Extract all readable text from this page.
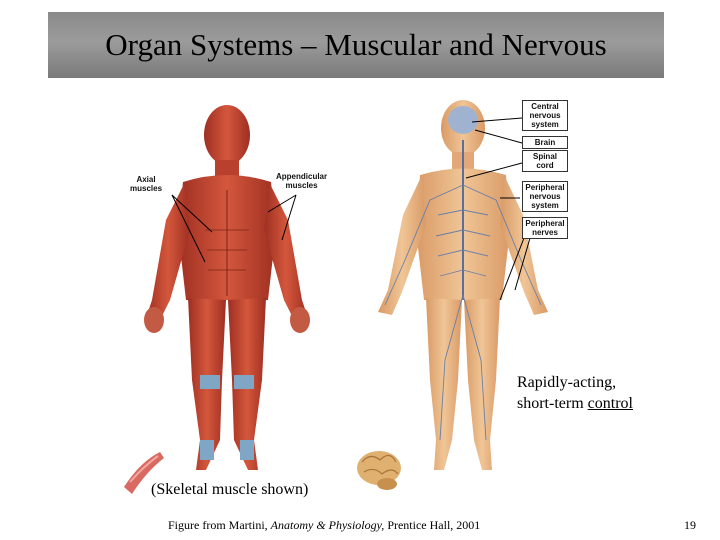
Organ Systems – Muscular and Nervous
Axial
muscles
Appendicular
muscles
Central
nervous
system
Brain
Spinal
cord
Peripheral
nervous
system
Peripheral
nerves
Rapidly-acting,
short-term control
(Skeletal muscle shown)
Figure from Martini, Anatomy & Physiology, Prentice Hall, 2001	19
